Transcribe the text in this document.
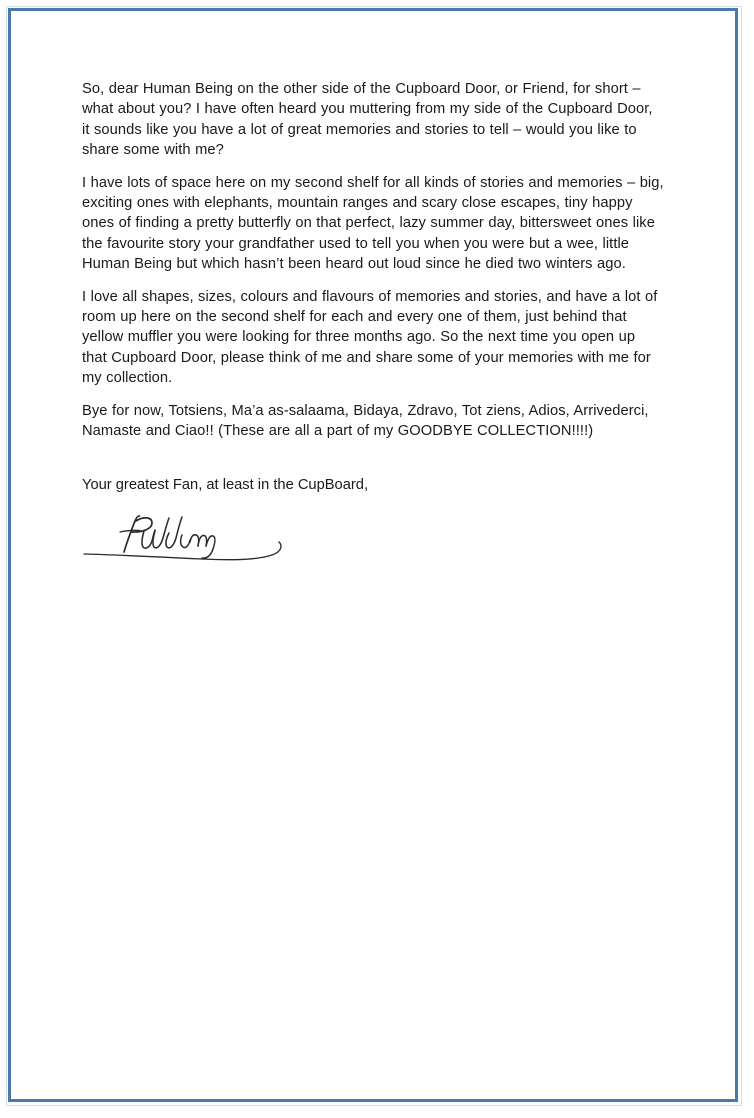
So, dear Human Being on the other side of the Cupboard Door, or Friend, for short – what about you? I have often heard you muttering from my side of the Cupboard Door, it sounds like you have a lot of great memories and stories to tell – would you like to share some with me?

I have lots of space here on my second shelf for all kinds of stories and memories – big, exciting ones with elephants, mountain ranges and scary close escapes, tiny happy ones of finding a pretty butterfly on that perfect, lazy summer day, bittersweet ones like the favourite story your grandfather used to tell you when you were but a wee, little Human Being but which hasn’t been heard out loud since he died two winters ago.

I love all shapes, sizes, colours and flavours of memories and stories, and have a lot of room up here on the second shelf for each and every one of them, just behind that yellow muffler you were looking for three months ago. So the next time you open up that Cupboard Door, please think of me and share some of your memories with me for my collection.

Bye for now, Totsiens, Ma’a as-salaama, Bidaya, Zdravo, Tot ziens, Adios, Arrivederci, Namaste and Ciao!! (These are all a part of my GOODBYE COLLECTION!!!!)

Your greatest Fan, at least in the CupBoard,
